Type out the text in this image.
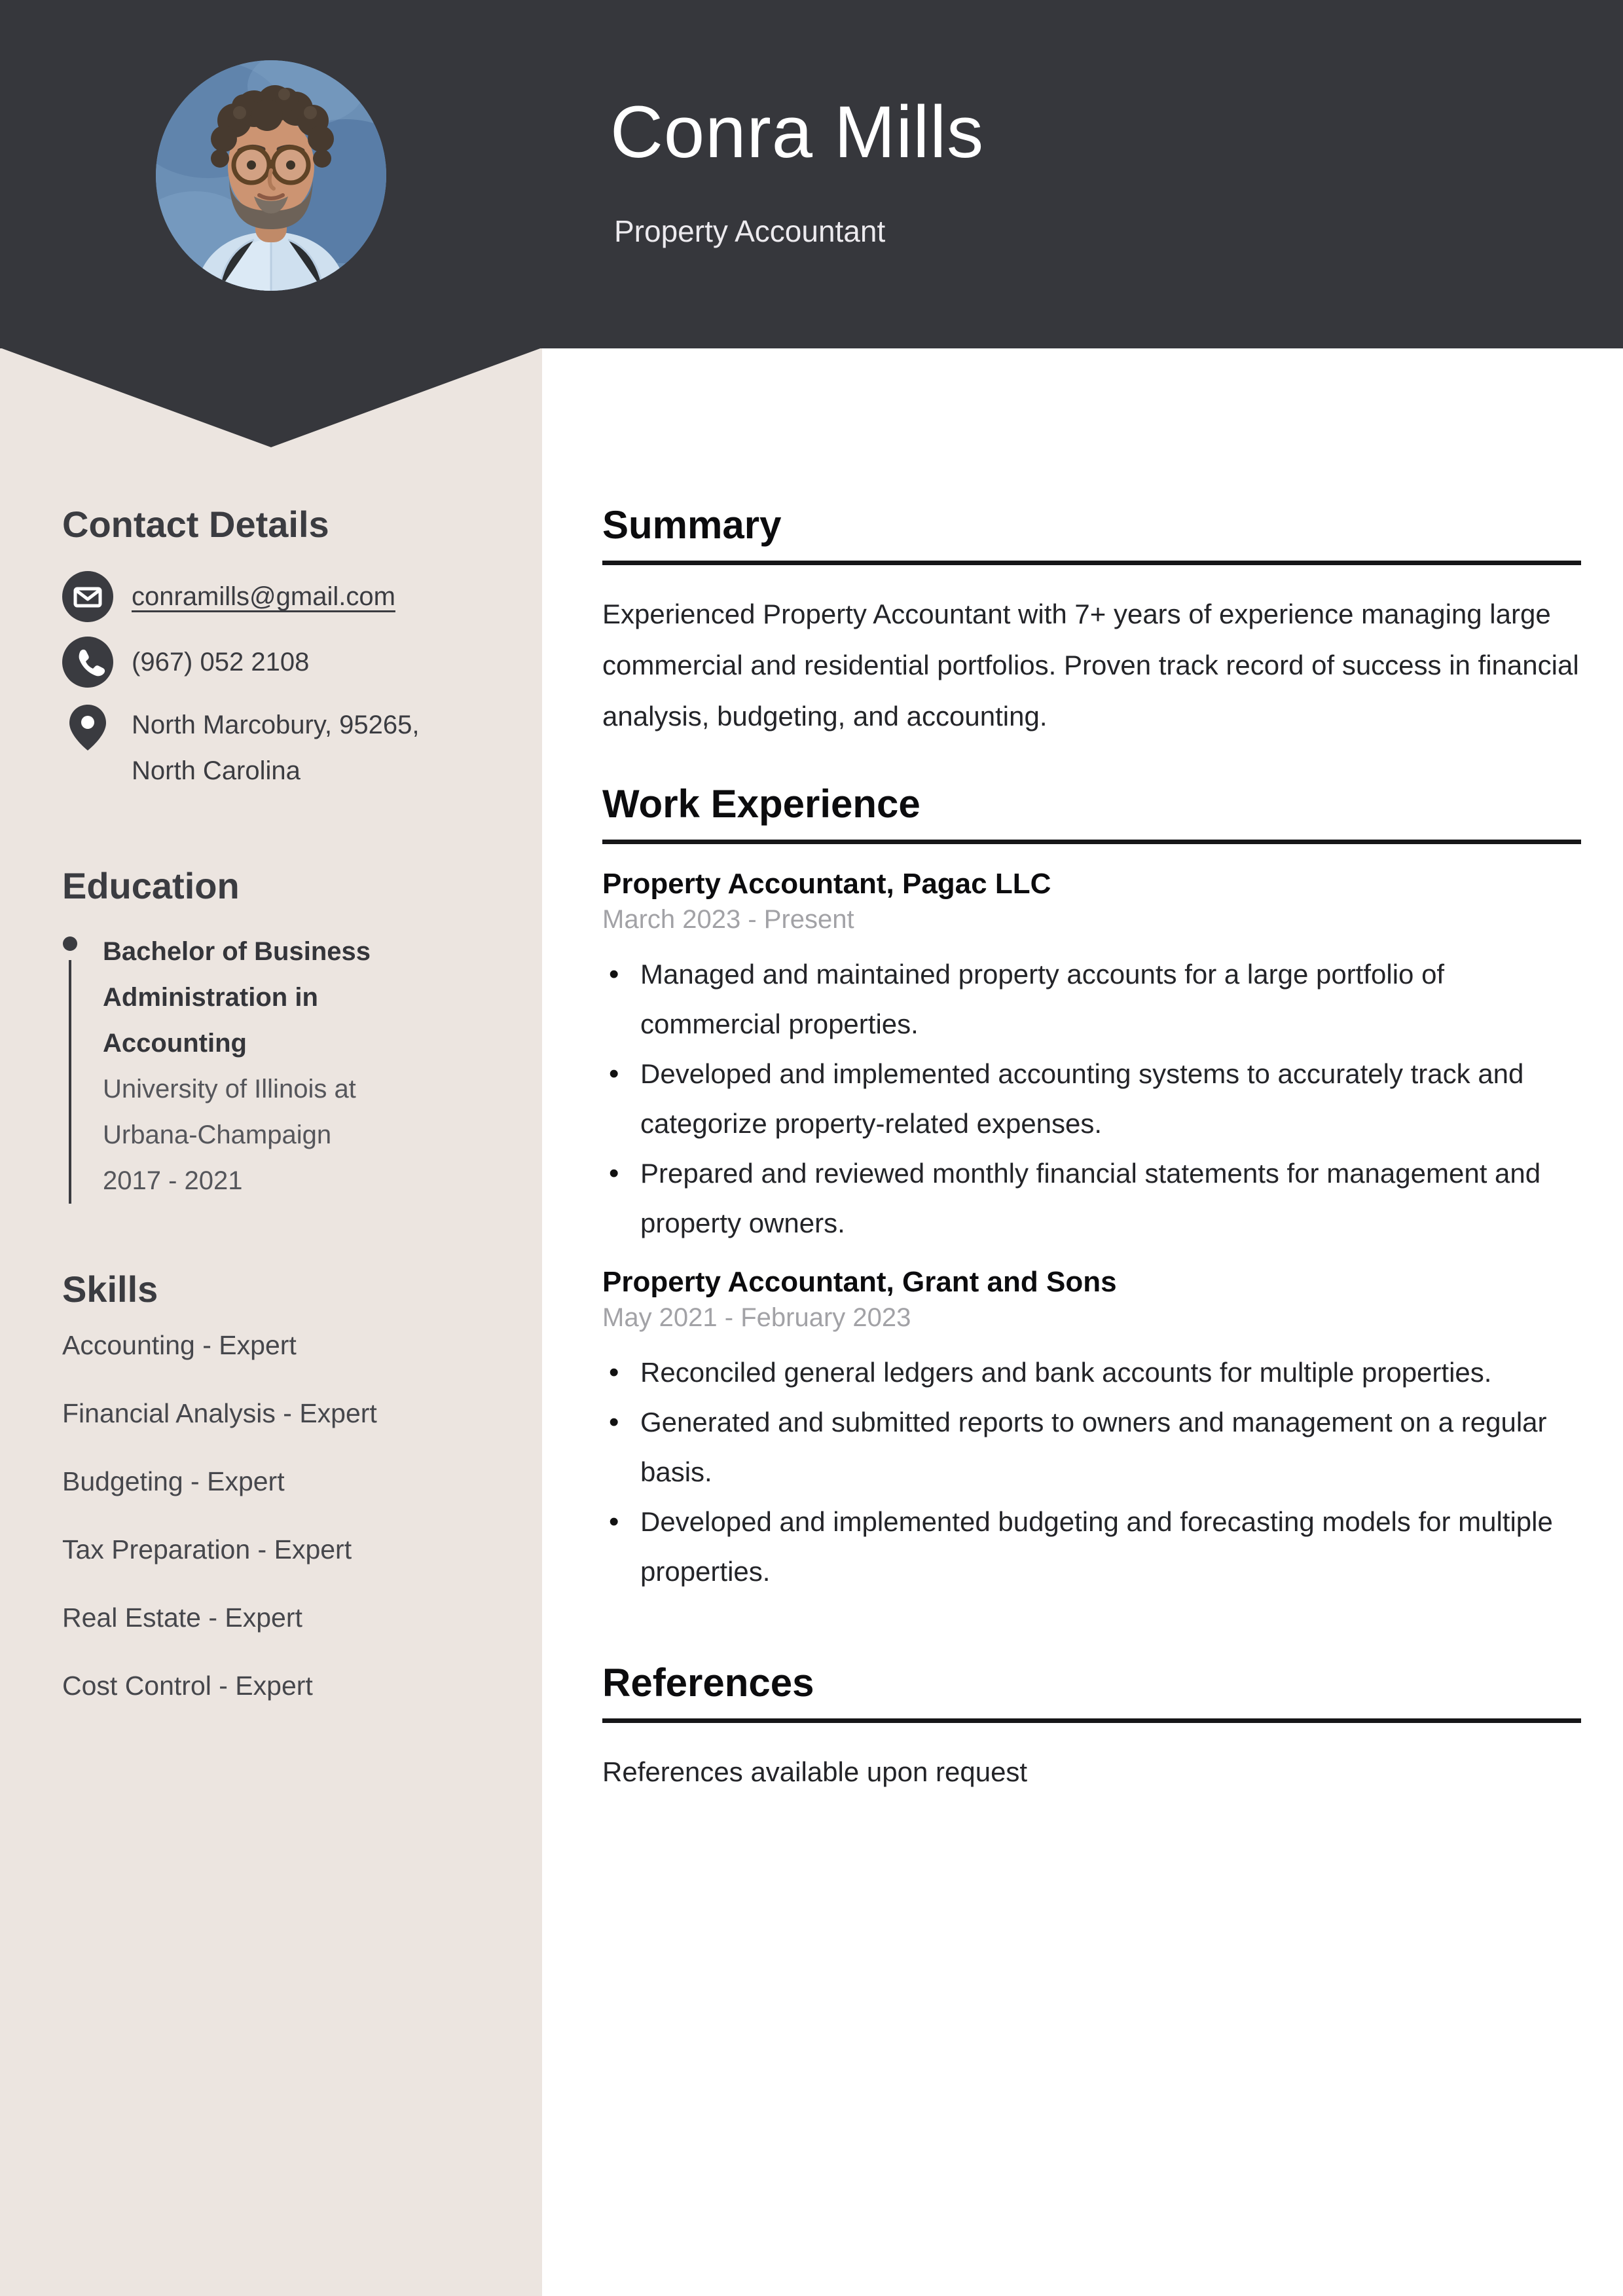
Conra Mills
Property Accountant
Contact Details
conramills@gmail.com
(967) 052 2108
North Marcobury, 95265, North Carolina
Education
Bachelor of Business Administration in Accounting
University of Illinois at Urbana-Champaign
2017 - 2021
Skills
Accounting - Expert
Financial Analysis - Expert
Budgeting - Expert
Tax Preparation - Expert
Real Estate - Expert
Cost Control - Expert
Summary
Experienced Property Accountant with 7+ years of experience managing large commercial and residential portfolios. Proven track record of success in financial analysis, budgeting, and accounting.
Work Experience
Property Accountant, Pagac LLC
March 2023 - Present
• Managed and maintained property accounts for a large portfolio of commercial properties.
• Developed and implemented accounting systems to accurately track and categorize property-related expenses.
• Prepared and reviewed monthly financial statements for management and property owners.
Property Accountant, Grant and Sons
May 2021 - February 2023
• Reconciled general ledgers and bank accounts for multiple properties.
• Generated and submitted reports to owners and management on a regular basis.
• Developed and implemented budgeting and forecasting models for multiple properties.
References
References available upon request
